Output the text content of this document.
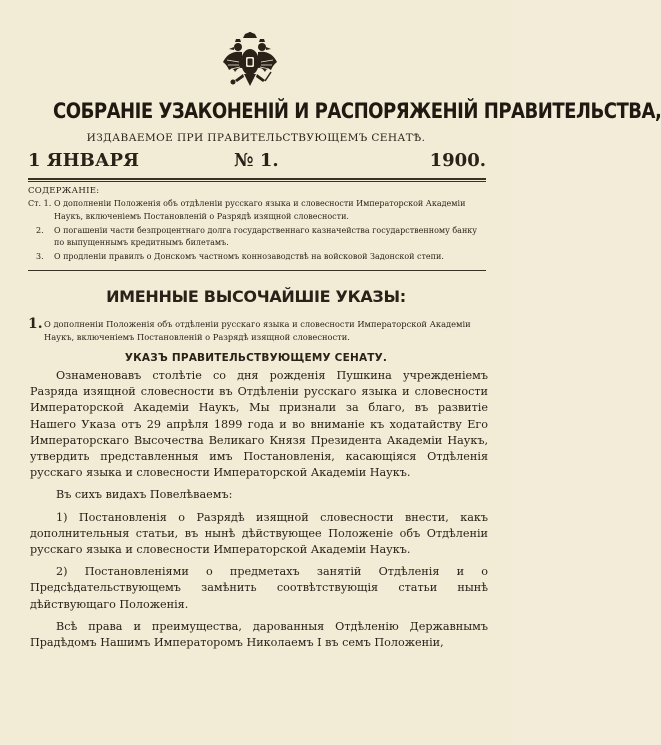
СОБРАНІЕ УЗАКОНЕНІЙ И РАСПОРЯЖЕНІЙ ПРАВИТЕЛЬСТВА,
ИЗДАВАЕМОЕ ПРИ ПРАВИТЕЛЬСТВУЮЩЕМЪ СЕНАТѢ.
1 ЯНВАРЯ	№ 1.	1900.
СОДЕРЖАНІЕ:

Ст. 1. О дополненіи Положенія объ отдѣленіи русскаго языка и словесности Императорской Академіи Наукъ, включеніемъ Постановленій о Разрядѣ изящной словесности.

2. О погашеніи части безпроцентнаго долга государственнаго казначейства государственному банку по выпущеннымъ кредитнымъ билетамъ.

3. О продленіи правилъ о Донскомъ частномъ коннозаводствѣ на войсковой Задонской степи.

ИМЕННЫЕ ВЫСОЧАЙШІЕ УКАЗЫ:
1. О дополненіи Положенія объ отдѣленіи русскаго языка и словесности Императорской Академіи Наукъ, включеніемъ Постановленій о Разрядѣ изящной словесности.
УКАЗЪ ПРАВИТЕЛЬСТВУЮЩЕМУ СЕНАТУ.

Ознаменовавъ столѣтіе со дня рожденія Пушкина учрежденіемъ Разряда изящной словесности въ Отдѣленіи русскаго языка и словесности Императорской Академіи Наукъ, Мы признали за благо, въ развитіе Нашего Указа отъ 29 апрѣля 1899 года и во вниманіе къ ходатайству Его Императорскаго Высочества Великаго Князя Президента Академіи Наукъ, утвердить представленныя имъ Постановленія, касающіяся Отдѣленія русскаго языка и словесности Императорской Академіи Наукъ.

Въ сихъ видахъ Повелѣваемъ:

1) Постановленія о Разрядѣ изящной словесности внести, какъ дополнительныя статьи, въ нынѣ дѣйствующее Положеніе объ Отдѣленіи русскаго языка и словесности Императорской Академіи Наукъ.

2) Постановленіями о предметахъ занятій Отдѣленія и о Предсѣдательствующемъ замѣнить соотвѣтствующія статьи нынѣ дѣйствующаго Положенія.

Всѣ права и преимущества, дарованныя Отдѣленію Державнымъ Прадѣдомъ Нашимъ Императоромъ Николаемъ I въ семъ Положеніи,
